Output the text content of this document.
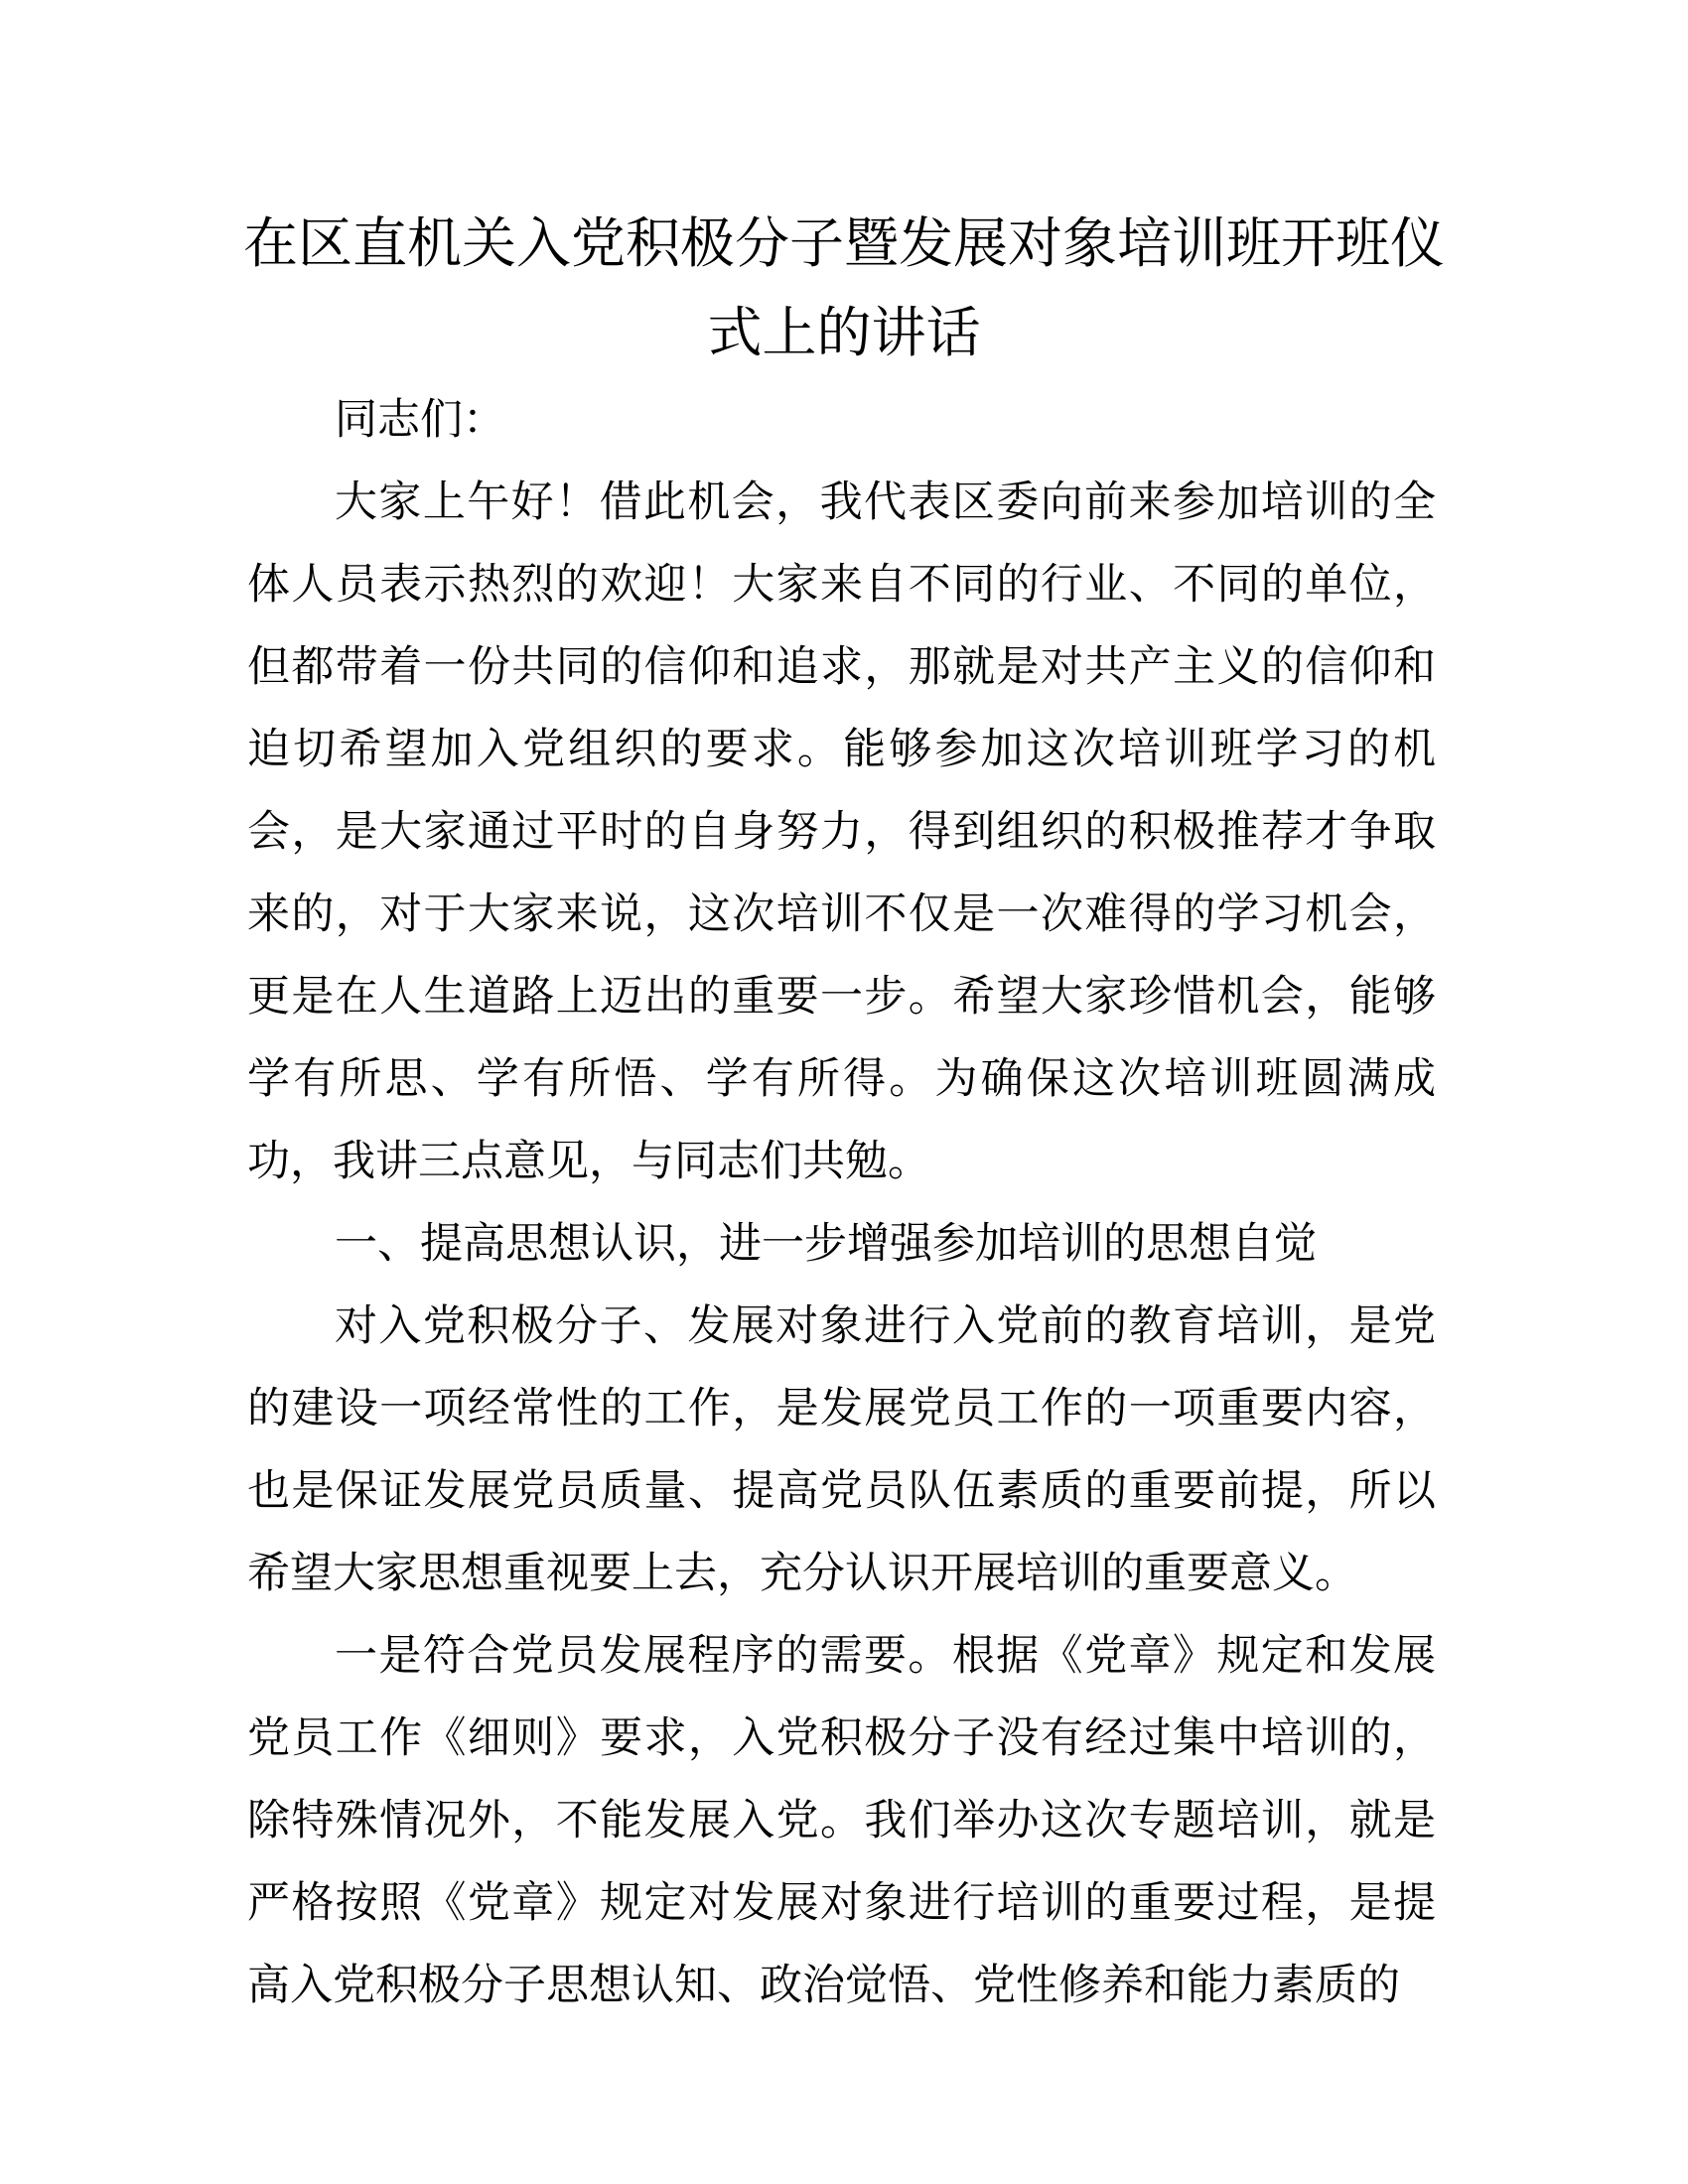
在区直机关入党积极分子暨发展对象培训班开班仪式上的讲话

同志们：

大家上午好！借此机会，我代表区委向前来参加培训的全体人员表示热烈的欢迎！大家来自不同的行业、不同的单位，但都带着一份共同的信仰和追求，那就是对共产主义的信仰和迫切希望加入党组织的要求。能够参加这次培训班学习的机会，是大家通过平时的自身努力，得到组织的积极推荐才争取来的，对于大家来说，这次培训不仅是一次难得的学习机会，更是在人生道路上迈出的重要一步。希望大家珍惜机会，能够学有所思、学有所悟、学有所得。为确保这次培训班圆满成功，我讲三点意见，与同志们共勉。

一、提高思想认识，进一步增强参加培训的思想自觉

对入党积极分子、发展对象进行入党前的教育培训，是党的建设一项经常性的工作，是发展党员工作的一项重要内容，也是保证发展党员质量、提高党员队伍素质的重要前提，所以希望大家思想重视要上去，充分认识开展培训的重要意义。

一是符合党员发展程序的需要。根据《党章》规定和发展党员工作《细则》要求，入党积极分子没有经过集中培训的，除特殊情况外，不能发展入党。我们举办这次专题培训，就是严格按照《党章》规定对发展对象进行培训的重要过程，是提高入党积极分子思想认知、政治觉悟、党性修养和能力素质的
